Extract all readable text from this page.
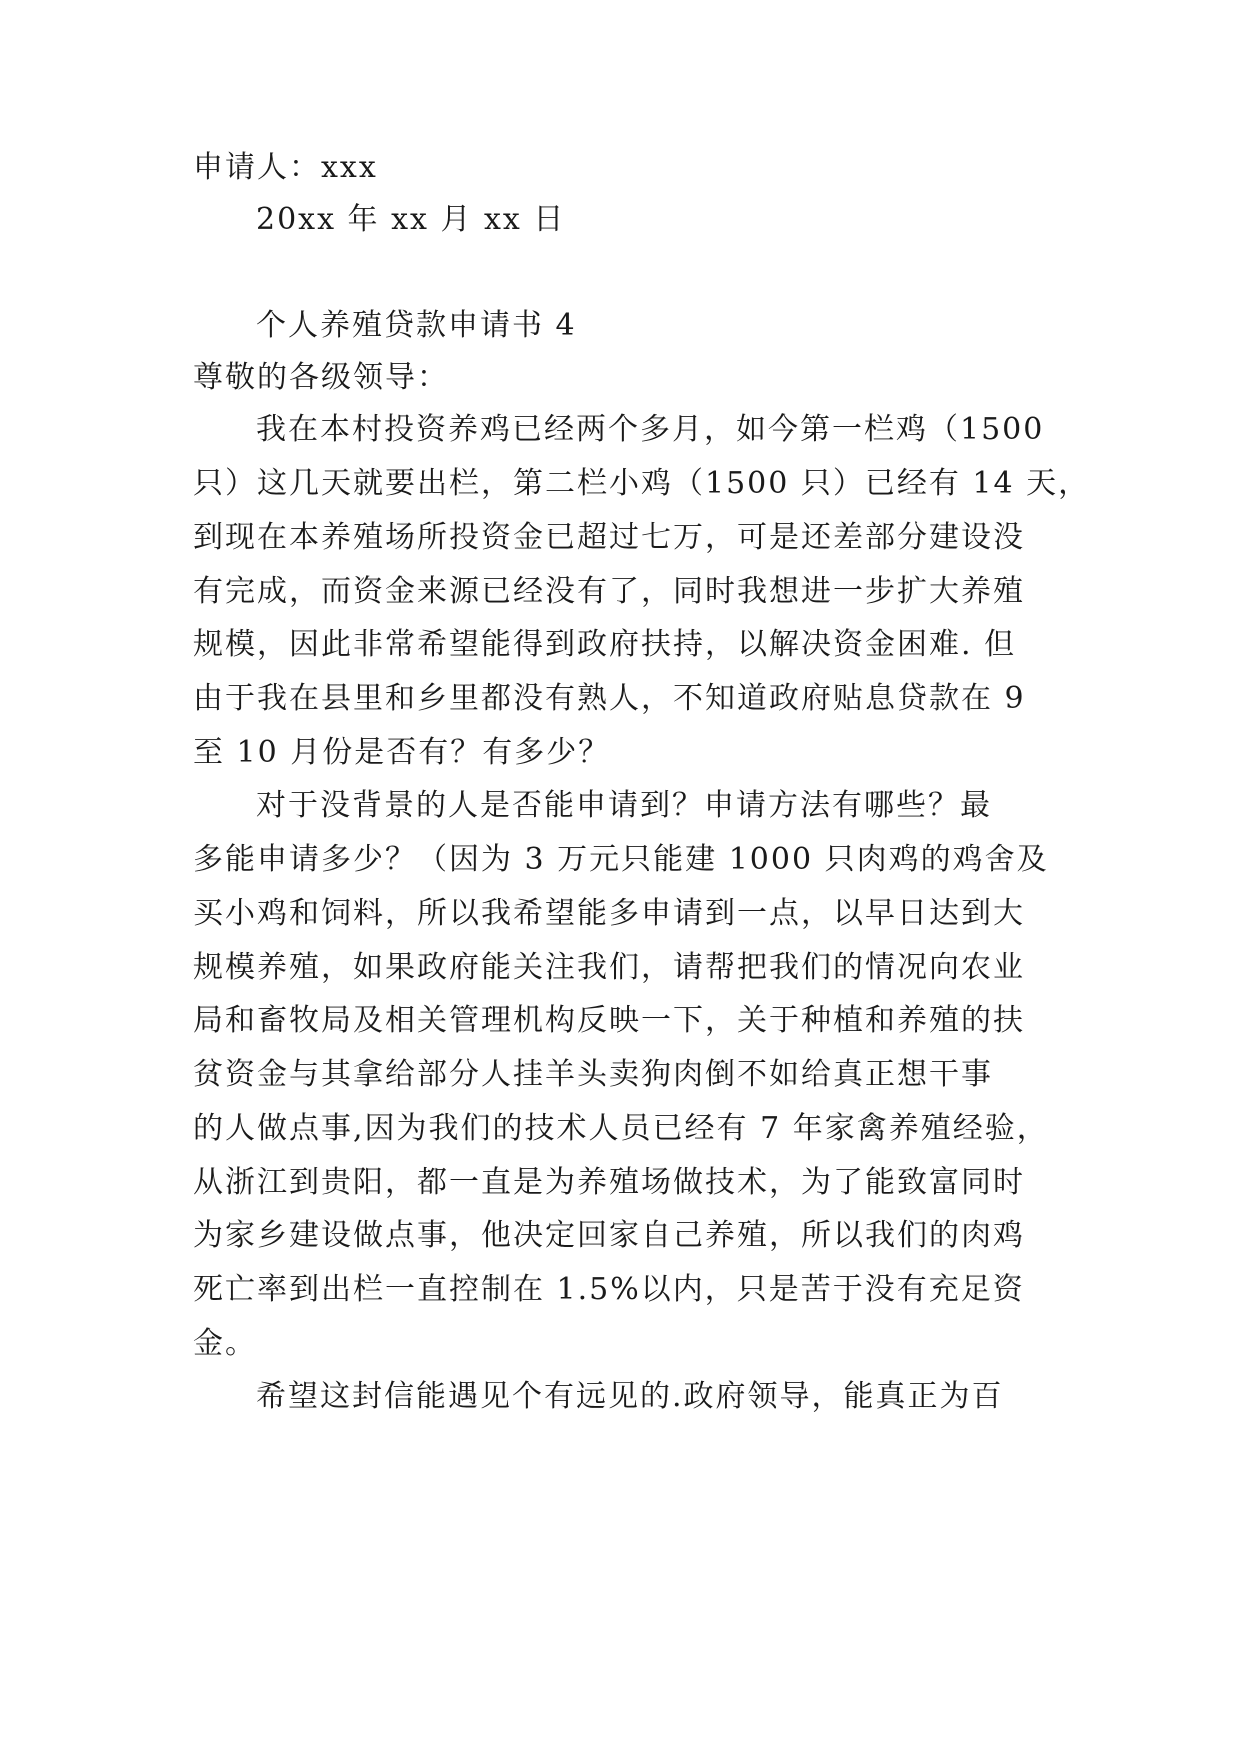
申请人：xxx
20xx 年 xx 月 xx 日
个人养殖贷款申请书 4
尊敬的各级领导：
我在本村投资养鸡已经两个多月，如今第一栏鸡（1500
只）这几天就要出栏，第二栏小鸡（1500 只）已经有 14 天，
到现在本养殖场所投资金已超过七万，可是还差部分建设没
有完成，而资金来源已经没有了，同时我想进一步扩大养殖
规模，因此非常希望能得到政府扶持，以解决资金困难. 但
由于我在县里和乡里都没有熟人，不知道政府贴息贷款在 9
至 10 月份是否有？有多少？
对于没背景的人是否能申请到？申请方法有哪些？最
多能申请多少？（因为 3 万元只能建 1000 只肉鸡的鸡舍及
买小鸡和饲料，所以我希望能多申请到一点，以早日达到大
规模养殖，如果政府能关注我们，请帮把我们的情况向农业
局和畜牧局及相关管理机构反映一下，关于种植和养殖的扶
贫资金与其拿给部分人挂羊头卖狗肉倒不如给真正想干事
的人做点事,因为我们的技术人员已经有 7 年家禽养殖经验，
从浙江到贵阳，都一直是为养殖场做技术，为了能致富同时
为家乡建设做点事，他决定回家自己养殖，所以我们的肉鸡
死亡率到出栏一直控制在 1.5%以内，只是苦于没有充足资
金。
希望这封信能遇见个有远见的.政府领导，能真正为百
